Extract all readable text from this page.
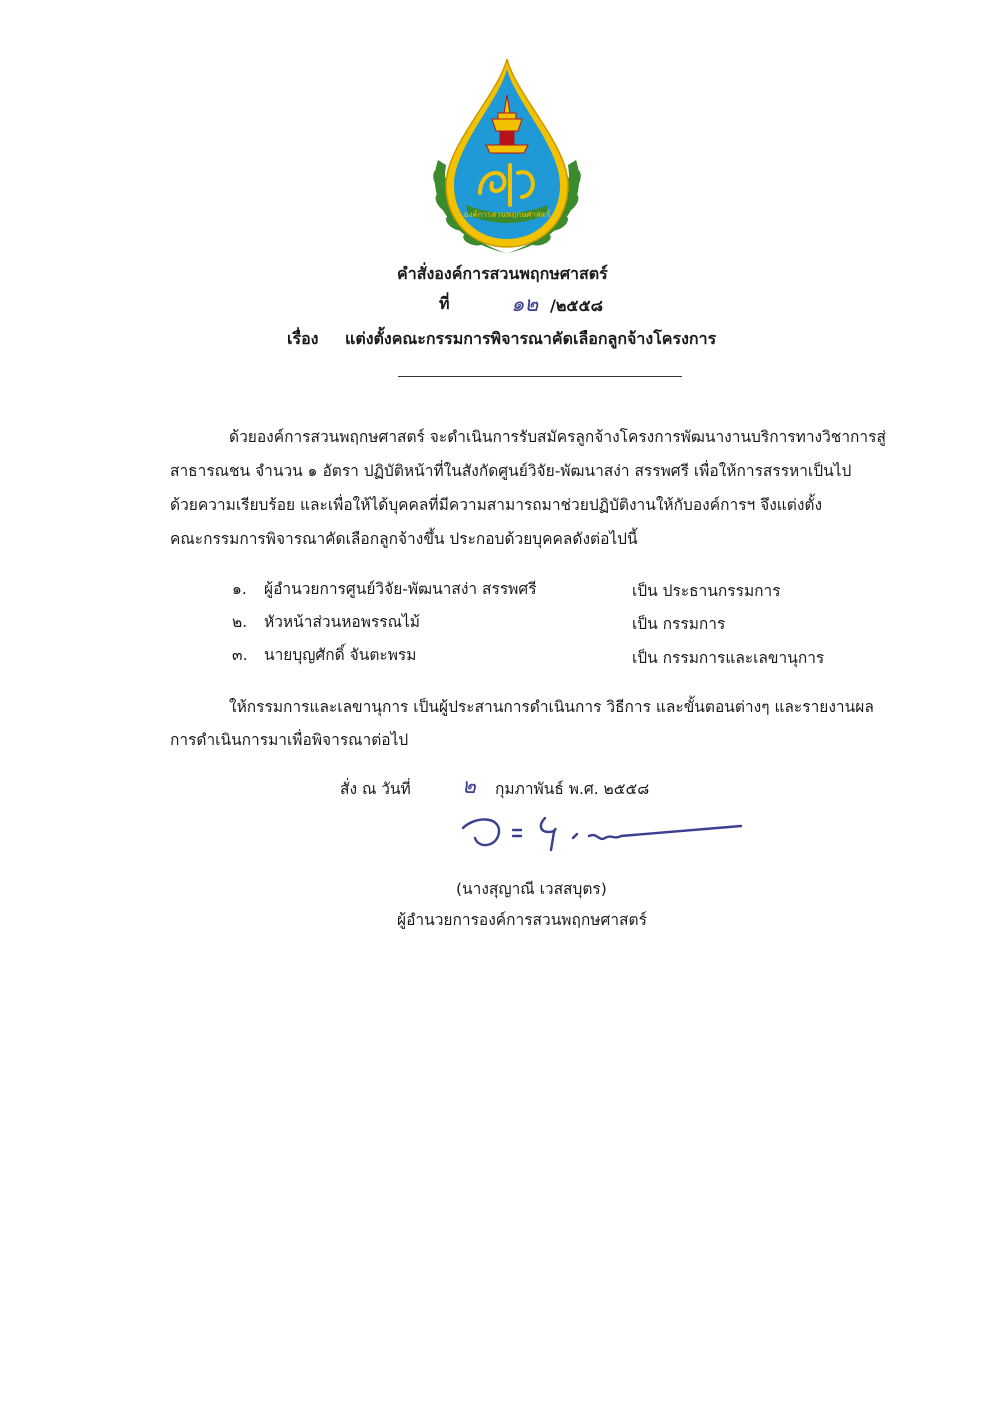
องค์การสวนพฤกษศาสตร์
คำสั่งองค์การสวนพฤกษศาสตร์
ที่	๑๒ /๒๕๕๘
เรื่อง แต่งตั้งคณะกรรมการพิจารณาคัดเลือกลูกจ้างโครงการ
ด้วยองค์การสวนพฤกษศาสตร์ จะดำเนินการรับสมัครลูกจ้างโครงการพัฒนางานบริการทางวิชาการสู่
สาธารณชน จำนวน ๑ อัตรา ปฏิบัติหน้าที่ในสังกัดศูนย์วิจัย-พัฒนาสง่า สรรพศรี เพื่อให้การสรรหาเป็นไป
ด้วยความเรียบร้อย และเพื่อให้ได้บุคคลที่มีความสามารถมาช่วยปฏิบัติงานให้กับองค์การฯ จึงแต่งตั้ง
คณะกรรมการพิจารณาคัดเลือกลูกจ้างขึ้น ประกอบด้วยบุคคลดังต่อไปนี้
๑. ผู้อำนวยการศูนย์วิจัย-พัฒนาสง่า สรรพศรี	เป็น ประธานกรรมการ
๒. หัวหน้าส่วนหอพรรณไม้	เป็น กรรมการ
๓. นายบุญศักดิ์ จันตะพรม	เป็น กรรมการและเลขานุการ
ให้กรรมการและเลขานุการ เป็นผู้ประสานการดำเนินการ วิธีการ และขั้นตอนต่างๆ และรายงานผล
การดำเนินการมาเพื่อพิจารณาต่อไป
สั่ง ณ วันที่ ๒ กุมภาพันธ์ พ.ศ. ๒๕๕๘
(นางสุญาณี เวสสบุตร)
ผู้อำนวยการองค์การสวนพฤกษศาสตร์
